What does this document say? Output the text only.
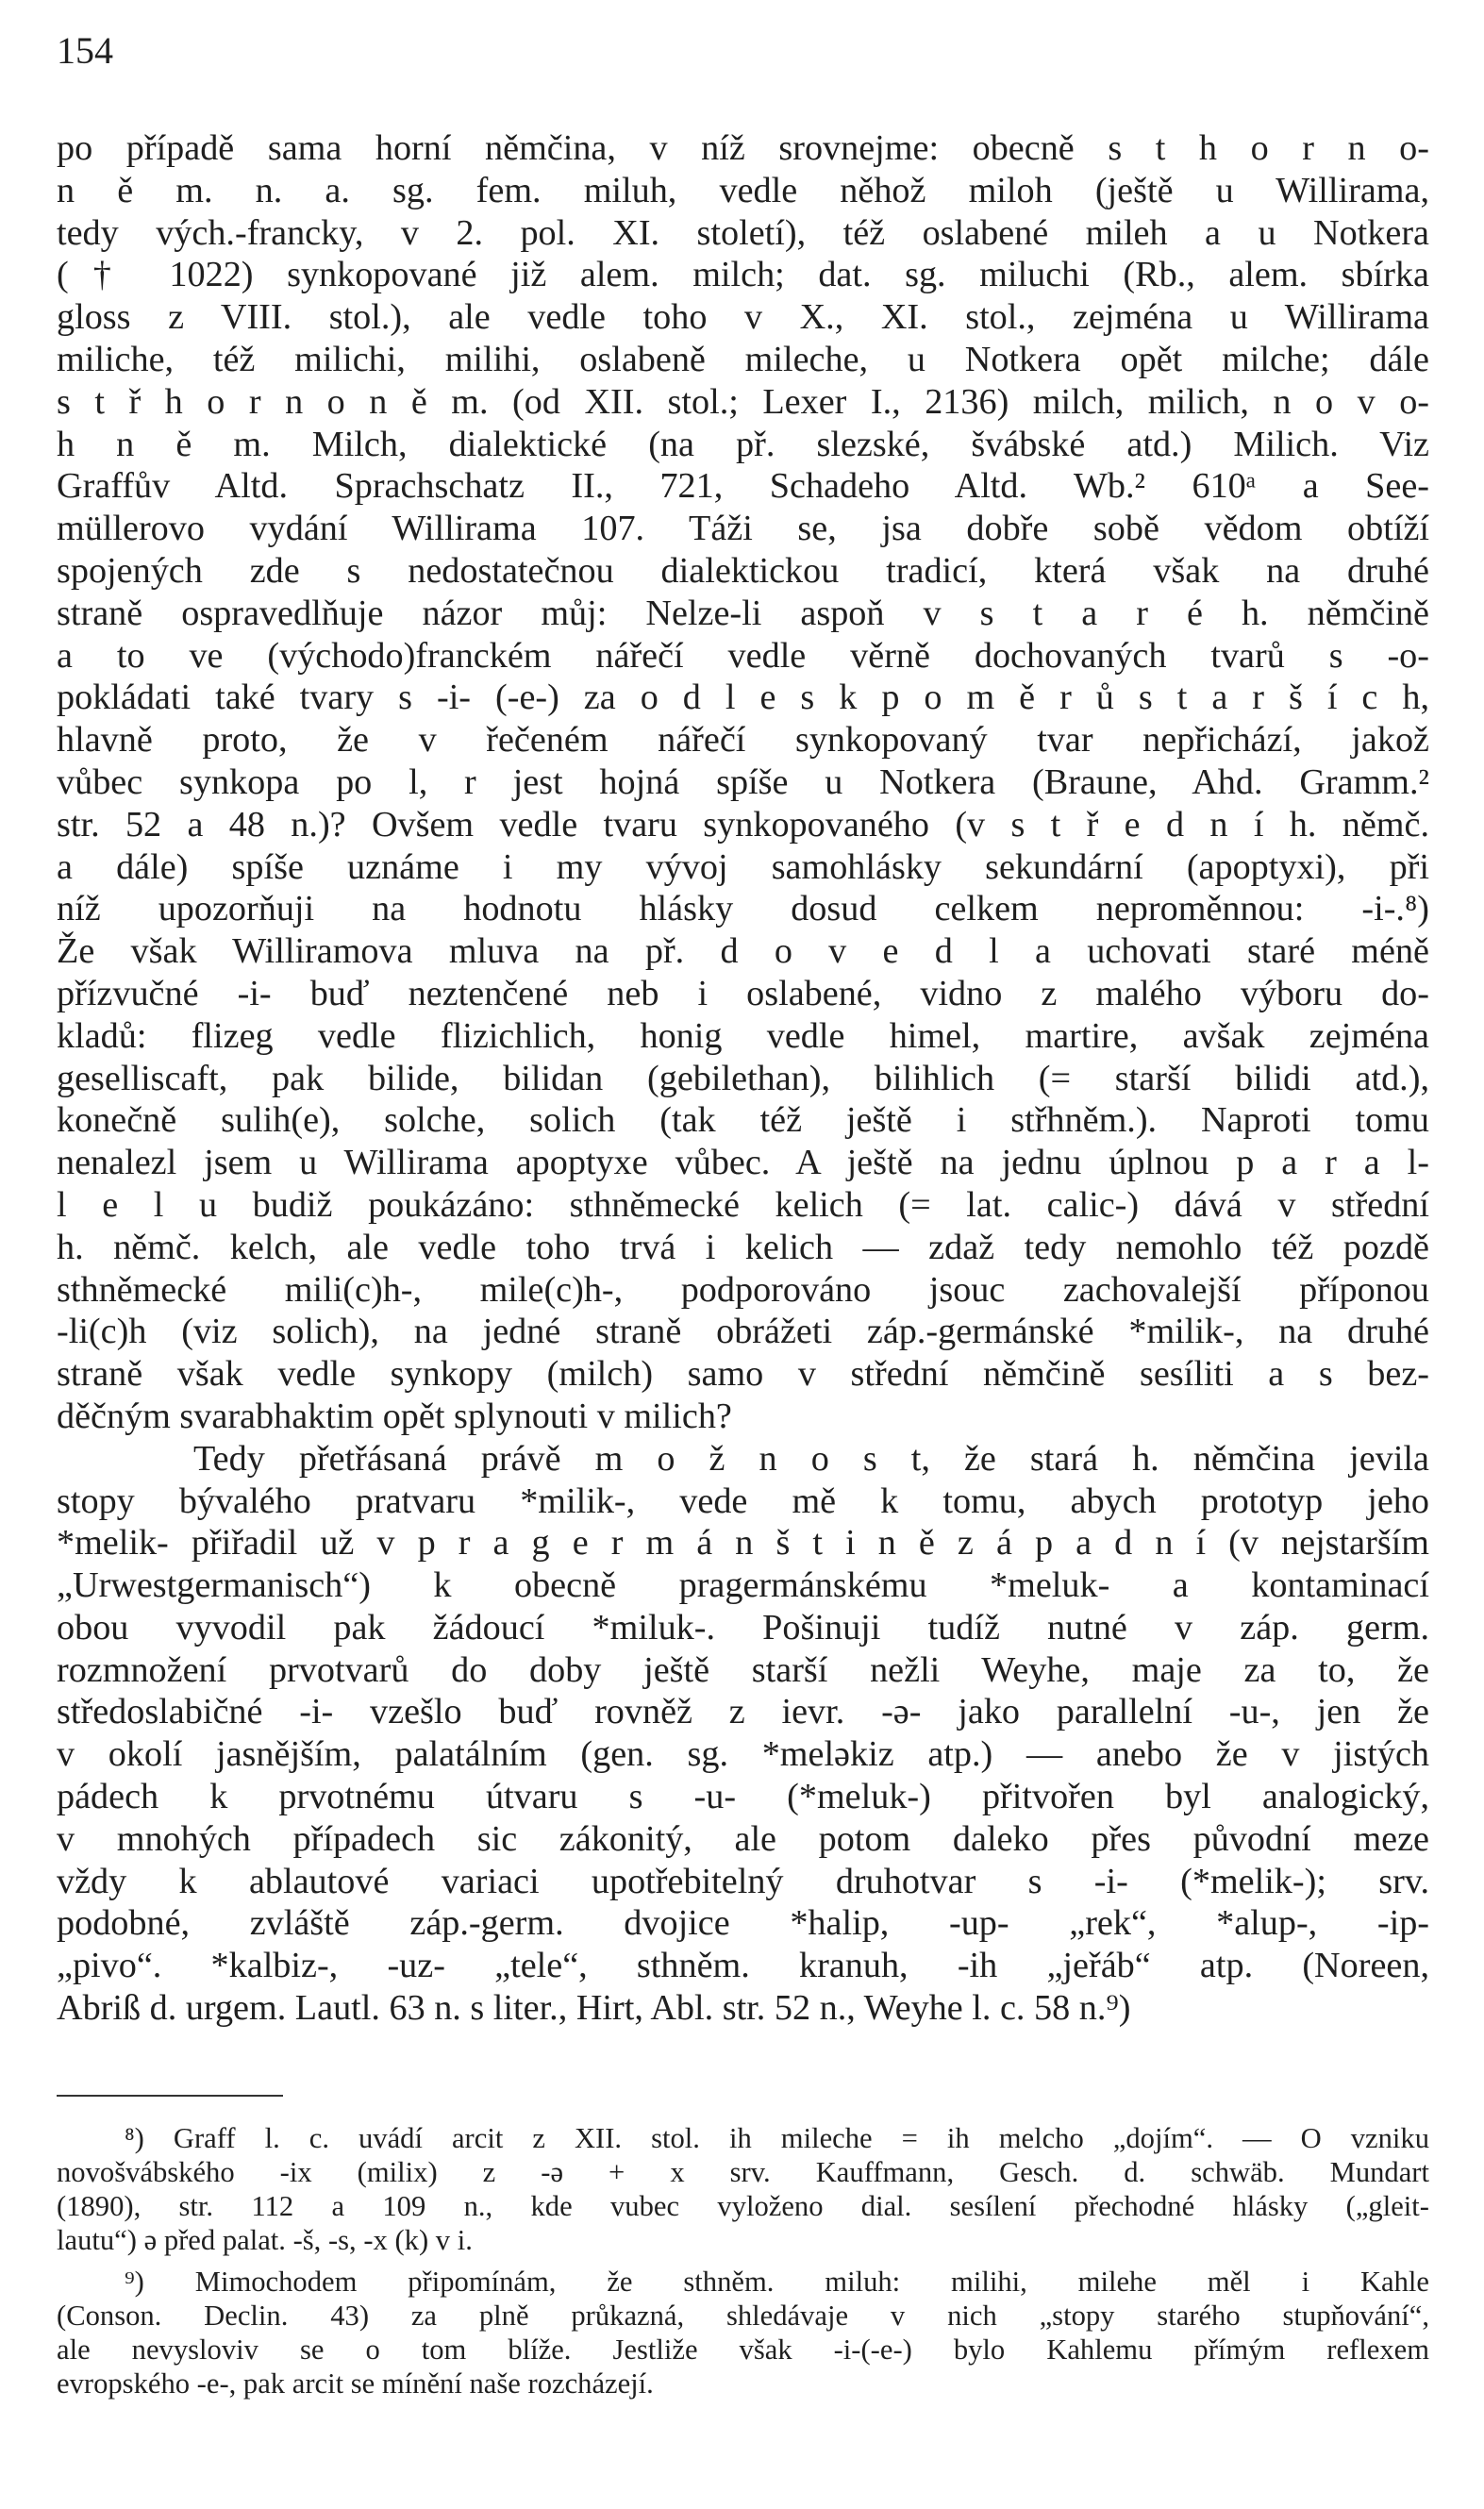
154
po případě sama horní němčina, v níž srovnejme: obecně s t h o r n o-
n ě m. n. a. sg. fem. miluh, vedle něhož miloh (ještě u Willirama,
tedy vých.-francky, v 2. pol. XI. století), též oslabené mileh a u Notkera
(† 1022) synkopované již alem. milch; dat. sg. miluchi (Rb., alem. sbírka
gloss z VIII. stol.), ale vedle toho v X., XI. stol., zejména u Willirama
miliche, též milichi, milihi, oslabeně mileche, u Notkera opět milche; dále
s t ř h o r n o n ě m. (od XII. stol.; Lexer I., 2136) milch, milich, n o v o-
h n ě m. Milch, dialektické (na př. slezské, švábské atd.) Milich. Viz
Graffův Altd. Sprachschatz II., 721, Schadeho Altd. Wb.² 610ᵃ a See-
müllerovo vydání Willirama 107. Táži se, jsa dobře sobě vědom obtíží
spojených zde s nedostatečnou dialektickou tradicí, která však na druhé
straně ospravedlňuje názor můj: Nelze-li aspoň v s t a r é h. němčině
a to ve (východo)franckém nářečí vedle věrně dochovaných tvarů s -o-
pokládati také tvary s -i- (-e-) za o d l e s k p o m ě r ů s t a r š í c h,
hlavně proto, že v řečeném nářečí synkopovaný tvar nepřichází, jakož
vůbec synkopa po l, r jest hojná spíše u Notkera (Braune, Ahd. Gramm.²
str. 52 a 48 n.)? Ovšem vedle tvaru synkopovaného (v s t ř e d n í h. němč.
a dále) spíše uznáme i my vývoj samohlásky sekundární (apoptyxi), při
níž upozorňuji na hodnotu hlásky dosud celkem neproměnnou: -i-.⁸)
Že však Williramova mluva na př. d o v e d l a uchovati staré méně
přízvučné -i- buď neztenčené neb i oslabené, vidno z malého výboru do-
kladů: flizeg vedle flizichlich, honig vedle himel, martire, avšak zejména
geselliscaft, pak bilide, bilidan (gebilethan), bilihlich (= starší bilidi atd.),
konečně sulih(e), solche, solich (tak též ještě i střhněm.). Naproti tomu
nenalezl jsem u Willirama apoptyxe vůbec. A ještě na jednu úplnou p a r a l-
l e l u budiž poukázáno: sthněmecké kelich (= lat. calic-) dává v střední
h. němč. kelch, ale vedle toho trvá i kelich — zdaž tedy nemohlo též pozdě
sthněmecké mili(c)h-, mile(c)h-, podporováno jsouc zachovalejší příponou
-li(c)h (viz solich), na jedné straně obrážeti záp.-germánské *milik-, na druhé
straně však vedle synkopy (milch) samo v střední němčině sesíliti a s bez-
děčným svarabhaktim opět splynouti v milich?
Tedy přetřásaná právě m o ž n o s t, že stará h. němčina jevila
stopy bývalého pratvaru *milik-, vede mě k tomu, abych prototyp jeho
*melik- přiřadil už v p r a g e r m á n š t i n ě z á p a d n í (v nejstarším
„Urwestgermanisch“) k obecně pragermánskému *meluk- a kontaminací
obou vyvodil pak žádoucí *miluk-. Pošinuji tudíž nutné v záp. germ.
rozmnožení prvotvarů do doby ještě starší nežli Weyhe, maje za to, že
středoslabičné -i- vzešlo buď rovněž z ievr. -ə- jako parallelní -u-, jen že
v okolí jasnějším, palatálním (gen. sg. *meləkiz atp.) — anebo že v jistých
pádech k prvotnému útvaru s -u- (*meluk-) přitvořen byl analogický,
v mnohých případech sic zákonitý, ale potom daleko přes původní meze
vždy k ablautové variaci upotřebitelný druhotvar s -i- (*melik-); srv.
podobné, zvláště záp.-germ. dvojice *halip, -up- „rek“, *alup-, -ip-
„pivo“. *kalbiz-, -uz- „tele“, sthněm. kranuh, -ih „jeřáb“ atp. (Noreen,
Abriß d. urgem. Lautl. 63 n. s liter., Hirt, Abl. str. 52 n., Weyhe l. c. 58 n.⁹)
⁸) Graff l. c. uvádí arcit z XII. stol. ih mileche = ih melcho „dojím“. — O vzniku
novošvábského -ix (milix) z -ə + x srv. Kauffmann, Gesch. d. schwäb. Mundart
(1890), str. 112 a 109 n., kde vubec vyloženo dial. sesílení přechodné hlásky („gleit-
lautu“) ə před palat. -š, -s, -x (k) v i.
⁹) Mimochodem připomínám, že sthněm. miluh: milihi, milehe měl i Kahle
(Conson. Declin. 43) za plně průkazná, shledávaje v nich „stopy starého stupňování“,
ale nevysloviv se o tom blíže. Jestliže však -i-(-e-) bylo Kahlemu přímým reflexem
evropského -e-, pak arcit se mínění naše rozcházejí.
